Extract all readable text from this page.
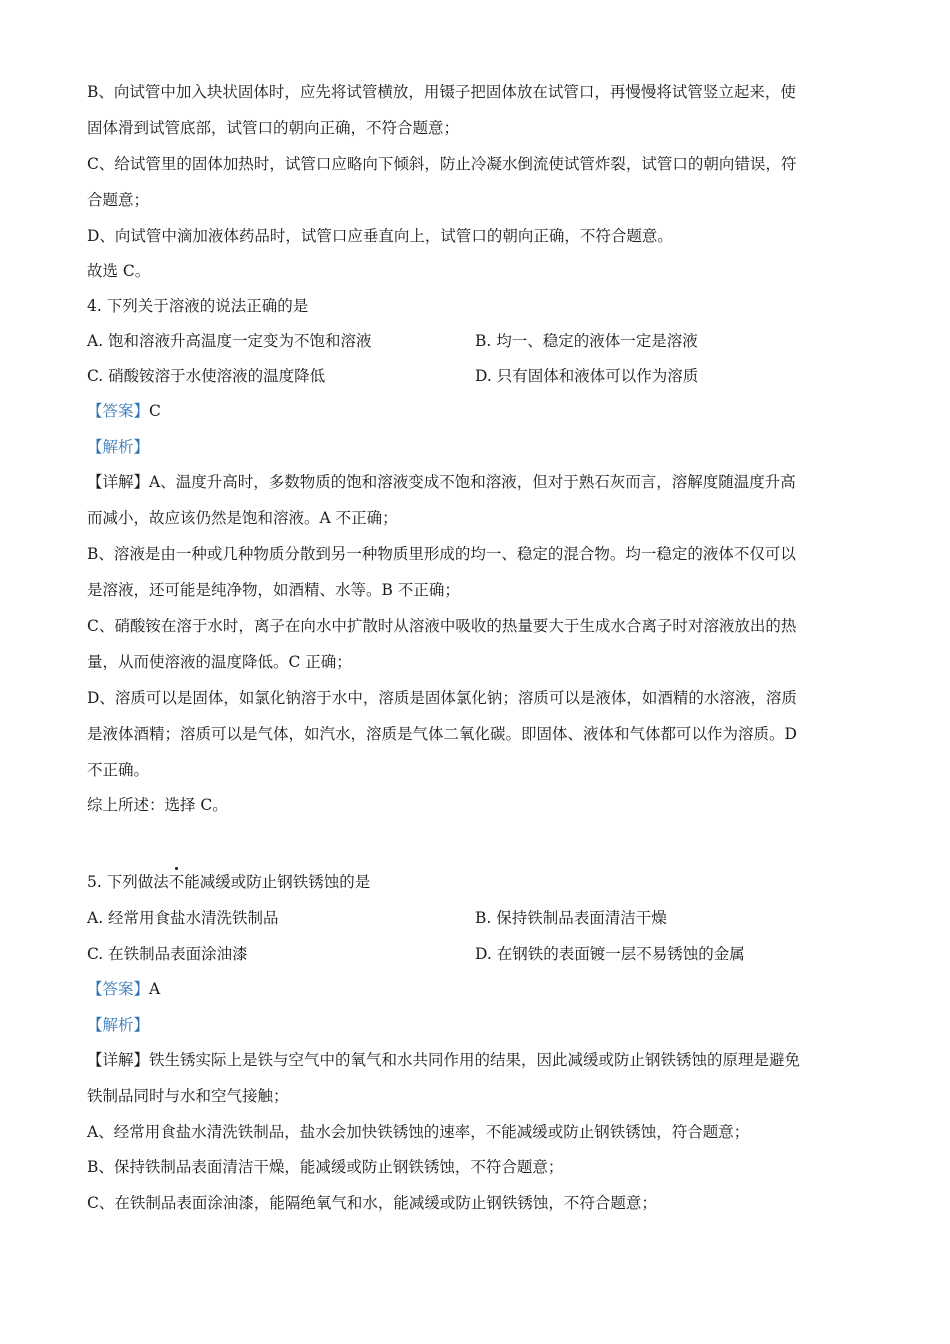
B、向试管中加入块状固体时，应先将试管横放，用镊子把固体放在试管口，再慢慢将试管竖立起来，使
固体滑到试管底部，试管口的朝向正确，不符合题意；
C、给试管里的固体加热时，试管口应略向下倾斜，防止冷凝水倒流使试管炸裂，试管口的朝向错误，符
合题意；
D、向试管中滴加液体药品时，试管口应垂直向上，试管口的朝向正确，不符合题意。
故选 C。
4. 下列关于溶液的说法正确的是
A. 饱和溶液升高温度一定变为不饱和溶液	B. 均一、稳定的液体一定是溶液
C. 硝酸铵溶于水使溶液的温度降低	D. 只有固体和液体可以作为溶质
【答案】C
【解析】
【详解】A、温度升高时，多数物质的饱和溶液变成不饱和溶液，但对于熟石灰而言，溶解度随温度升高
而减小，故应该仍然是饱和溶液。A 不正确；
B、溶液是由一种或几种物质分散到另一种物质里形成的均一、稳定的混合物。均一稳定的液体不仅可以
是溶液，还可能是纯净物，如酒精、水等。B 不正确；
C、硝酸铵在溶于水时，离子在向水中扩散时从溶液中吸收的热量要大于生成水合离子时对溶液放出的热
量，从而使溶液的温度降低。C 正确；
D、溶质可以是固体，如氯化钠溶于水中，溶质是固体氯化钠；溶质可以是液体，如酒精的水溶液，溶质
是液体酒精；溶质可以是气体，如汽水，溶质是气体二氧化碳。即固体、液体和气体都可以作为溶质。D
不正确。
综上所述：选择 C。
5. 下列做法不能减缓或防止钢铁锈蚀的是
A. 经常用食盐水清洗铁制品	B. 保持铁制品表面清洁干燥
C. 在铁制品表面涂油漆	D. 在钢铁的表面镀一层不易锈蚀的金属
【答案】A
【解析】
【详解】铁生锈实际上是铁与空气中的氧气和水共同作用的结果，因此减缓或防止钢铁锈蚀的原理是避免
铁制品同时与水和空气接触；
A、经常用食盐水清洗铁制品，盐水会加快铁锈蚀的速率，不能减缓或防止钢铁锈蚀，符合题意；
B、保持铁制品表面清洁干燥，能减缓或防止钢铁锈蚀，不符合题意；
C、在铁制品表面涂油漆，能隔绝氧气和水，能减缓或防止钢铁锈蚀，不符合题意；
